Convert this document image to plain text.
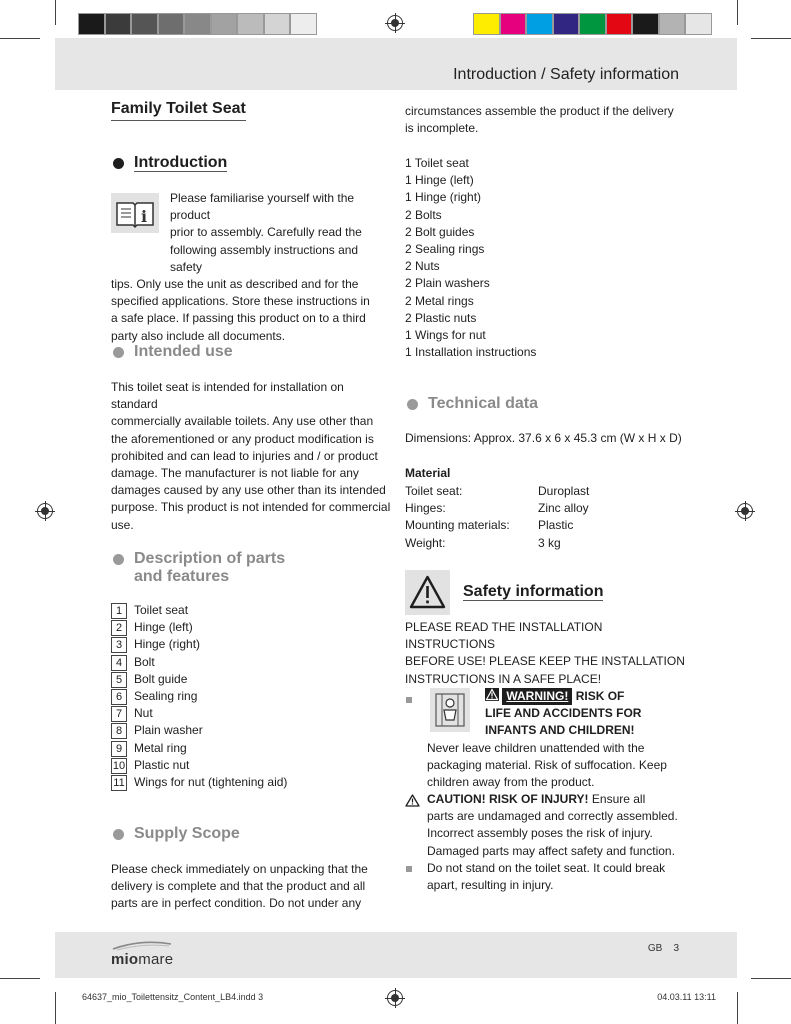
Introduction / Safety information
Family Toilet Seat
Introduction
i
Please familiarise yourself with the product
prior to assembly. Carefully read the
following assembly instructions and safety
tips. Only use the unit as described and for the
specified applications. Store these instructions in
a safe place. If passing this product on to a third
party also include all documents.
Intended use
This toilet seat is intended for installation on standard
commercially available toilets. Any use other than
the aforementioned or any product modification is
prohibited and can lead to injuries and / or product
damage. The manufacturer is not liable for any
damages caused by any use other than its intended
purpose. This product is not intended for commercial
use.
Description of parts
and features
1 Toilet seat
2 Hinge (left)
3 Hinge (right)
4 Bolt
5 Bolt guide
6 Sealing ring
7 Nut
8 Plain washer
9 Metal ring
10 Plastic nut
11 Wings for nut (tightening aid)
Supply Scope
Please check immediately on unpacking that the
delivery is complete and that the product and all
parts are in perfect condition. Do not under any
circumstances assemble the product if the delivery
is incomplete.
1 Toilet seat
1 Hinge (left)
1 Hinge (right)
2 Bolts
2 Bolt guides
2 Sealing rings
2 Nuts
2 Plain washers
2 Metal rings
2 Plastic nuts
1 Wings for nut
1 Installation instructions
Technical data

Dimensions: Approx. 37.6 x 6 x 45.3 cm (W x H x D)

Material

Toilet seat:	Duroplast
Hinges:	Zinc alloy
Mounting materials:	Plastic
Weight:	3 kg
Safety information
PLEASE READ THE INSTALLATION INSTRUCTIONS
BEFORE USE! PLEASE KEEP THE INSTALLATION
INSTRUCTIONS IN A SAFE PLACE!
WARNING! RISK OF
LIFE AND ACCIDENTS FOR
INFANTS AND CHILDREN!
Never leave children unattended with the
packaging material. Risk of suffocation. Keep
children away from the product.
CAUTION! RISK OF INJURY! Ensure all
parts are undamaged and correctly assembled.
Incorrect assembly poses the risk of injury.
Damaged parts may affect safety and function.
Do not stand on the toilet seat. It could break
apart, resulting in injury.
miomare
GB 3
64637_mio_Toilettensitz_Content_LB4.indd 3	04.03.11 13:11
